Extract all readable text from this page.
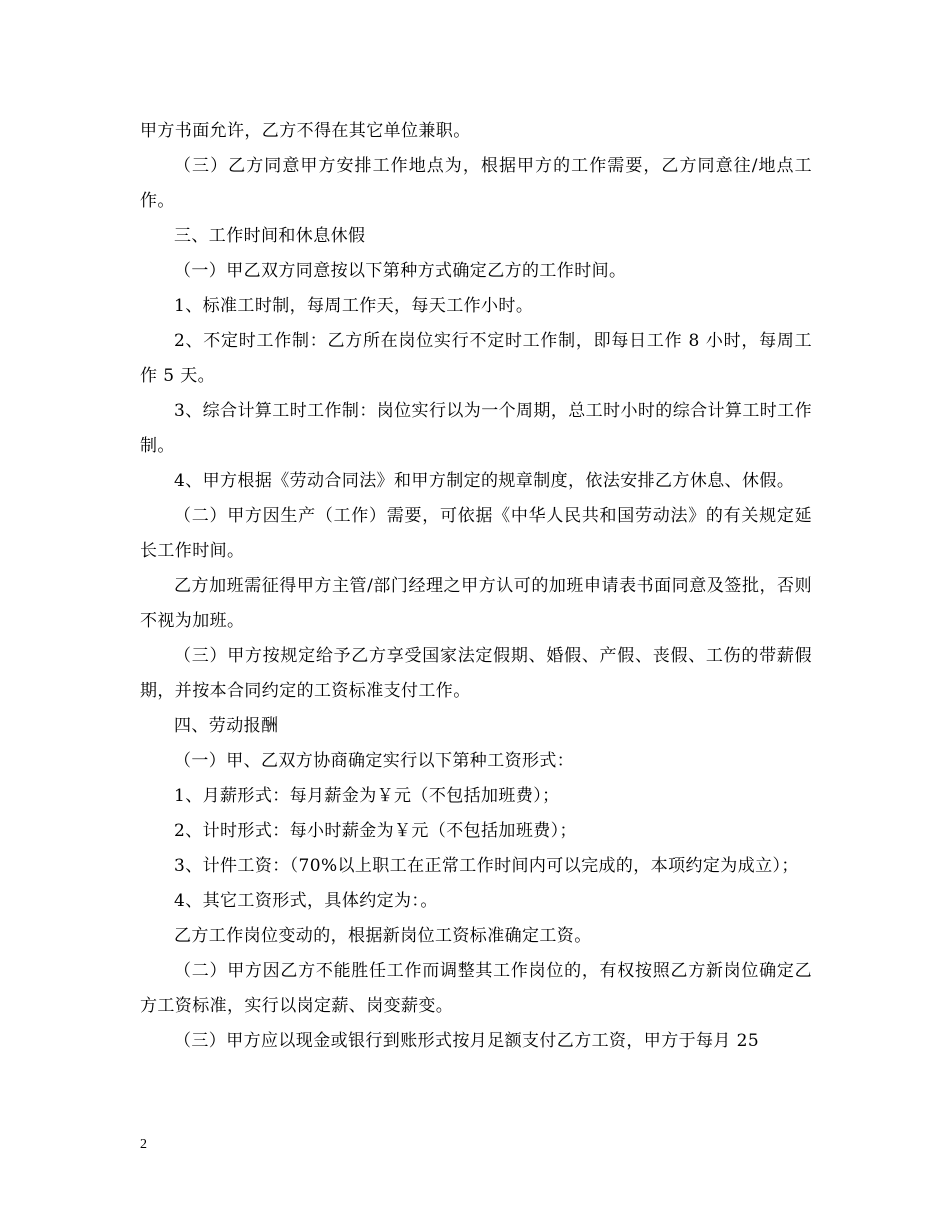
甲方书面允许，乙方不得在其它单位兼职。

（三）乙方同意甲方安排工作地点为，根据甲方的工作需要，乙方同意往/地点工作。

三、工作时间和休息休假

（一）甲乙双方同意按以下第种方式确定乙方的工作时间。

1、标准工时制，每周工作天，每天工作小时。

2、不定时工作制：乙方所在岗位实行不定时工作制，即每日工作 8 小时，每周工作 5 天。

3、综合计算工时工作制：岗位实行以为一个周期，总工时小时的综合计算工时工作制。

4、甲方根据《劳动合同法》和甲方制定的规章制度，依法安排乙方休息、休假。

（二）甲方因生产（工作）需要，可依据《中华人民共和国劳动法》的有关规定延长工作时间。

乙方加班需征得甲方主管/部门经理之甲方认可的加班申请表书面同意及签批，否则不视为加班。

（三）甲方按规定给予乙方享受国家法定假期、婚假、产假、丧假、工伤的带薪假期，并按本合同约定的工资标准支付工作。

四、劳动报酬

（一）甲、乙双方协商确定实行以下第种工资形式：

1、月薪形式：每月薪金为￥元（不包括加班费）；

2、计时形式：每小时薪金为￥元（不包括加班费）；

3、计件工资：（70%以上职工在正常工作时间内可以完成的，本项约定为成立）；

4、其它工资形式，具体约定为：。

乙方工作岗位变动的，根据新岗位工资标准确定工资。

（二）甲方因乙方不能胜任工作而调整其工作岗位的，有权按照乙方新岗位确定乙方工资标准，实行以岗定薪、岗变薪变。

（三）甲方应以现金或银行到账形式按月足额支付乙方工资，甲方于每月 25

2
